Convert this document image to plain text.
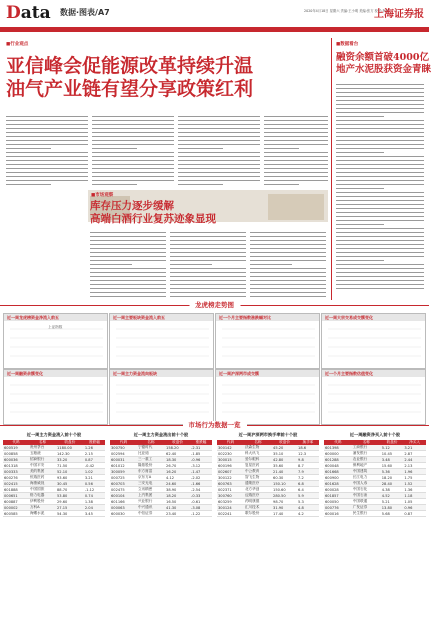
Data 数据·图表/A7	2020年4月18日 星期六 责编:王小明 美编:张方 校对:李红
上海证券报
■行业观点
亚信峰会促能源改革持续升温
油气产业链有望分享政策红利
■数据看台
融资余额首破4000亿
地产水泥股获资金青睐
■市场观察
库存压力逐步缓解
高端白酒行业复苏迹象显现
龙虎榜走势图
近一周龙虎榜资金净流入前五
上证指数
近一周主要板块资金流入前五	近一个月主要指数涨跌幅对比	近一周大宗交易成交额变化
近一周融资余额变化	近一周主力资金流向板块	近一周沪深两市成交额	近一个月主要指数估值变化
市场行为数据一览
近一周主力资金流入前十个股
代码	名称	收盘价	涨跌幅
600519	贵州茅台	1180.00	1.26
000858	五粮液	142.30	2.15
600036	招商银行	33.20	0.87
601318	中国平安	71.50	-0.42
000333	美的集团	52.10	1.02
600276	恒瑞医药	93.60	3.21
002415	海康威视	30.45	0.56
601888	中国国旅	88.70	-1.12
000651	格力电器	53.80	0.74
600887	伊利股份	29.60	1.38
000002	万科A	27.15	2.04
600585	海螺水泥	54.30	3.45
近一周主力资金流出前十个股
代码	名称	收盘价	涨跌幅
300750	宁德时代	158.20	-2.31
002594	比亚迪	62.40	-1.85
600031	三一重工	18.30	-0.96
601012	隆基股份	26.70	-3.12
300059	东方财富	16.20	-1.47
000725	京东方A	4.12	-2.02
600703	三安光电	24.60	-1.66
002475	立讯精密	38.90	-2.54
600104	上汽集团	18.20	-0.33
601166	兴业银行	16.50	-0.61
000063	中兴通讯	41.30	-3.08
600030	中信证券	23.40	-1.22
近一周沪深两市换手率前十个股
代码	名称	收盘价	换手率
300142	沃森生物	45.20	18.6
002230	科大讯飞	35.10	12.3
300015	爱尔眼科	42.80	9.8
600196	复星医药	35.60	8.7
002607	中公教育	21.40	7.9
300122	智飞生物	60.30	7.2
600763	通策医疗	150.10	6.8
002371	北方华创	150.60	6.4
300760	迈瑞医疗	280.50	5.9
603259	药明康德	98.70	5.3
300124	汇川技术	31.90	4.8
002241	歌尔股份	17.40	4.2
近一周融资净买入前十个股
代码	名称	收盘价	净买入
601398	工商银行	5.12	3.21
600000	浦发银行	10.45	2.87
601288	农业银行	3.48	2.44
600048	保利地产	15.60	2.13
601668	中国建筑	5.36	1.96
600900	长江电力	18.20	1.75
601628	中国人寿	28.40	1.52
600028	中国石化	4.38	1.36
601857	中国石油	4.52	1.18
600050	中国联通	5.21	1.05
000776	广发证券	13.80	0.96
600016	民生银行	5.68	0.87
